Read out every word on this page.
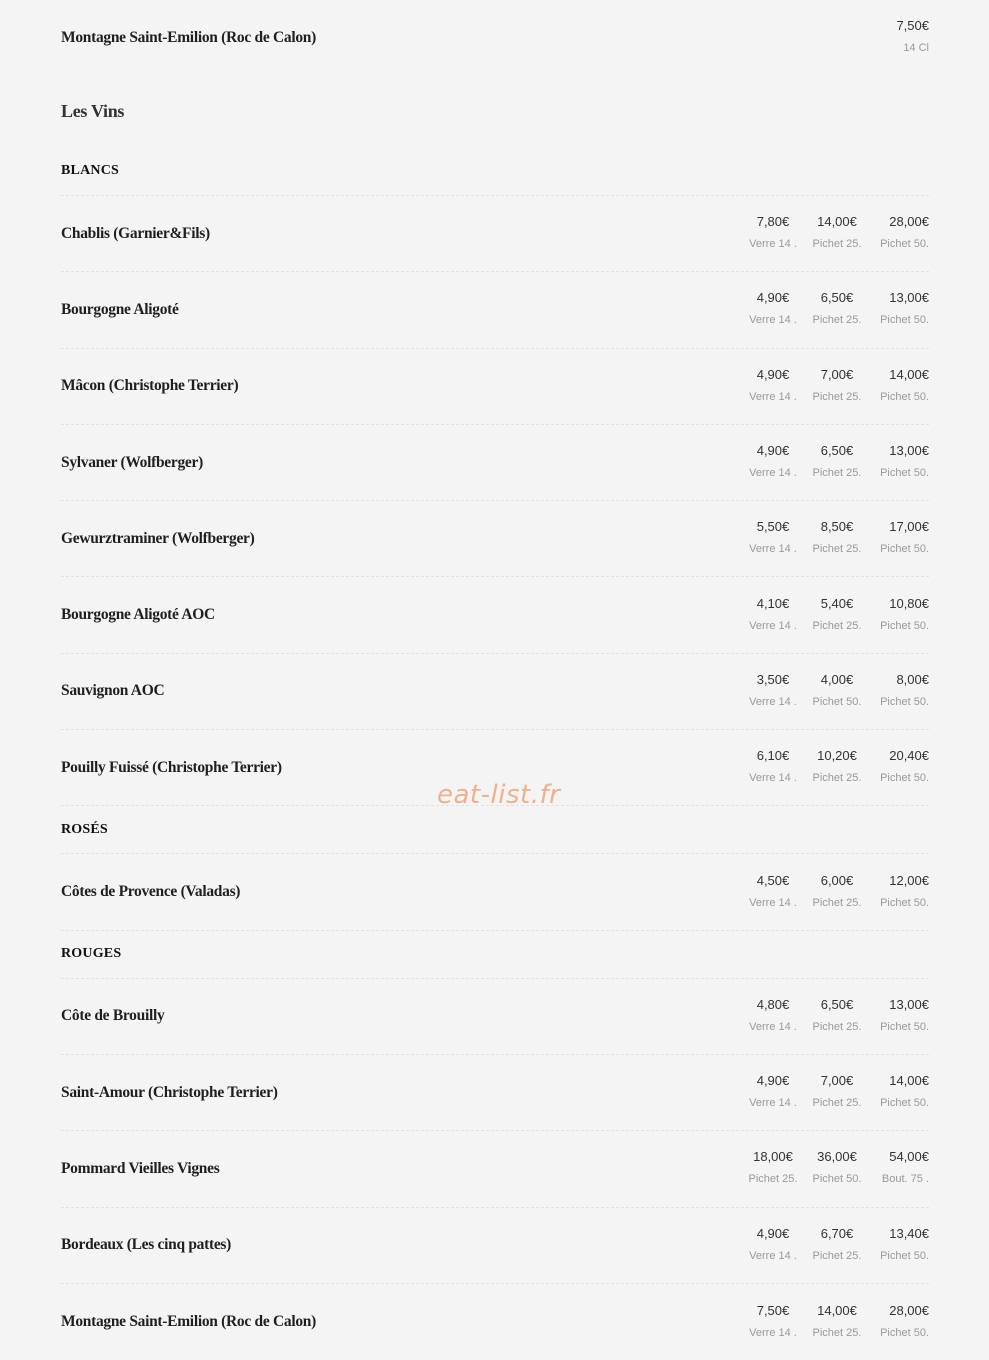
Montagne Saint-Emilion (Roc de Calon)
7,50€
14 Cl
Les Vins
BLANCS
Chablis (Garnier&Fils)
7,80€
Verre 14 .
14,00€
Pichet 25.
28,00€
Pichet 50.
Bourgogne Aligoté
4,90€
Verre 14 .
6,50€
Pichet 25.
13,00€
Pichet 50.
Mâcon (Christophe Terrier)
4,90€
Verre 14 .
7,00€
Pichet 25.
14,00€
Pichet 50.
Sylvaner (Wolfberger)
4,90€
Verre 14 .
6,50€
Pichet 25.
13,00€
Pichet 50.
Gewurztraminer (Wolfberger)
5,50€
Verre 14 .
8,50€
Pichet 25.
17,00€
Pichet 50.
Bourgogne Aligoté AOC
4,10€
Verre 14 .
5,40€
Pichet 25.
10,80€
Pichet 50.
Sauvignon AOC
3,50€
Verre 14 .
4,00€
Pichet 50.
8,00€
Pichet 50.
Pouilly Fuissé (Christophe Terrier)
6,10€
Verre 14 .
10,20€
Pichet 25.
20,40€
Pichet 50.
ROSÉS
Côtes de Provence (Valadas)
4,50€
Verre 14 .
6,00€
Pichet 25.
12,00€
Pichet 50.
ROUGES
Côte de Brouilly
4,80€
Verre 14 .
6,50€
Pichet 25.
13,00€
Pichet 50.
Saint-Amour (Christophe Terrier)
4,90€
Verre 14 .
7,00€
Pichet 25.
14,00€
Pichet 50.
Pommard Vieilles Vignes
18,00€
Pichet 25.
36,00€
Pichet 50.
54,00€
Bout. 75 .
Bordeaux (Les cinq pattes)
4,90€
Verre 14 .
6,70€
Pichet 25.
13,40€
Pichet 50.
Montagne Saint-Emilion (Roc de Calon)
7,50€
Verre 14 .
14,00€
Pichet 25.
28,00€
Pichet 50.
eat-list.fr
